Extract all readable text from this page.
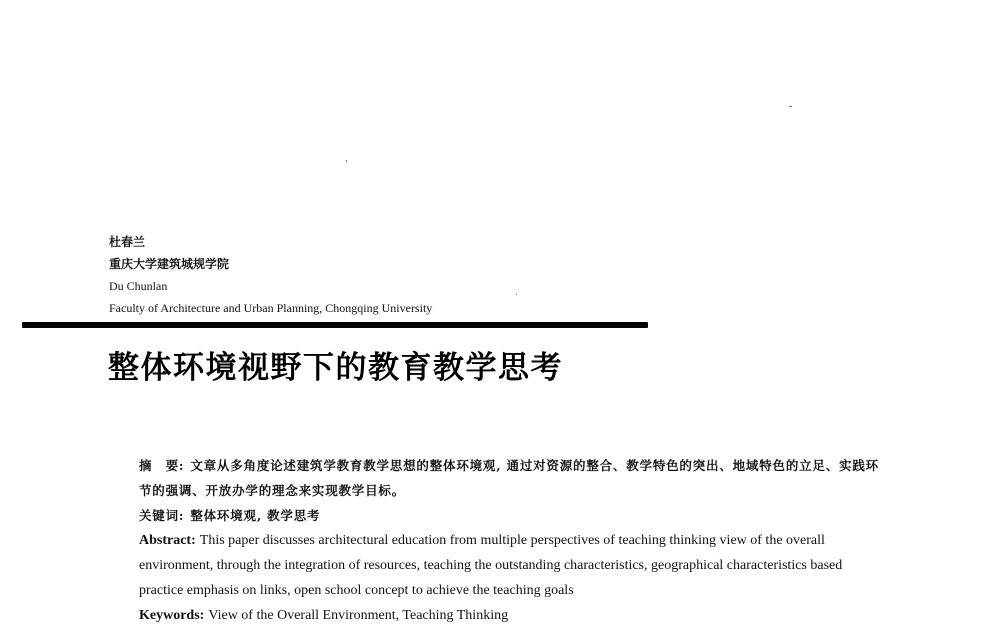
杜春兰
重庆大学建筑城规学院
Du Chunlan
Faculty of Architecture and Urban Planning, Chongqing University
整体环境视野下的教育教学思考
摘　要: 文章从多角度论述建筑学教育教学思想的整体环境观, 通过对资源的整合、教学特色的突出、地域特色的立足、实践环节的强调、开放办学的理念来实现教学目标。
关键词: 整体环境观, 教学思考
Abstract: This paper discusses architectural education from multiple perspectives of teaching thinking view of the overall environment, through the integration of resources, teaching the outstanding characteristics, geographical characteristics based practice emphasis on links, open school concept to achieve the teaching goals
Keywords: View of the Overall Environment, Teaching Thinking
